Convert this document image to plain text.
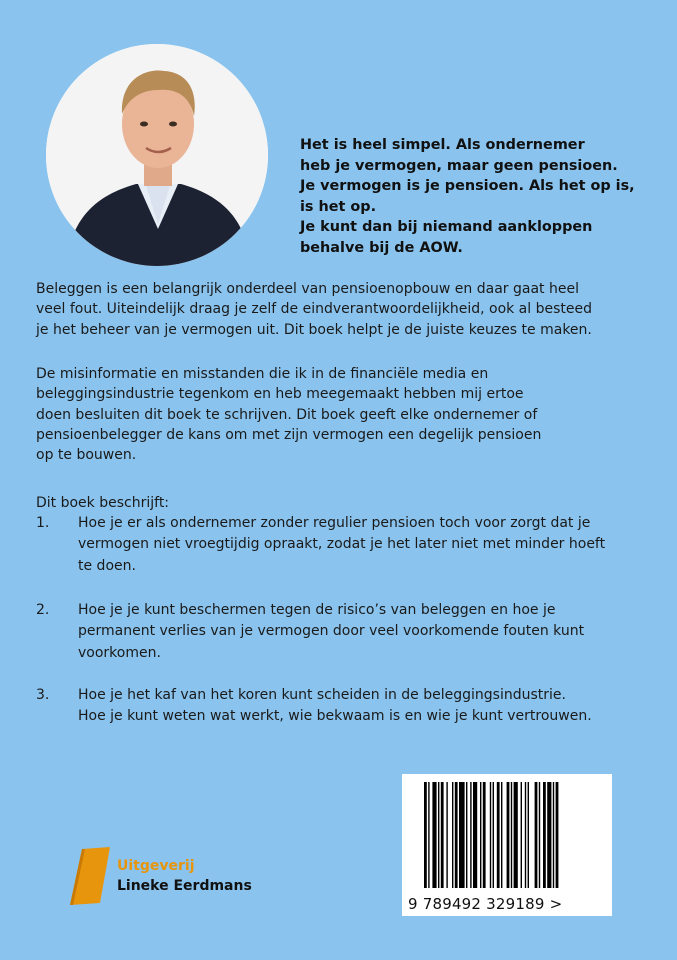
Het is heel simpel. Als ondernemer
heb je vermogen, maar geen pensioen.
Je vermogen is je pensioen. Als het op is,
is het op.
Je kunt dan bij niemand aankloppen
behalve bij de AOW.
Beleggen is een belangrijk onderdeel van pensioenopbouw en daar gaat heel
veel fout. Uiteindelijk draag je zelf de eindverantwoordelijkheid, ook al besteed
je het beheer van je vermogen uit. Dit boek helpt je de juiste keuzes te maken.
De misinformatie en misstanden die ik in de financiële media en
beleggingsindustrie tegenkom en heb meegemaakt hebben mij ertoe
doen besluiten dit boek te schrijven. Dit boek geeft elke ondernemer of
pensioenbelegger de kans om met zijn vermogen een degelijk pensioen
op te bouwen.
Dit boek beschrijft:
1. Hoe je er als ondernemer zonder regulier pensioen toch voor zorgt dat je
vermogen niet vroegtijdig opraakt, zodat je het later niet met minder hoeft
te doen.
2. Hoe je je kunt beschermen tegen de risico’s van beleggen en hoe je
permanent verlies van je vermogen door veel voorkomende fouten kunt
voorkomen.
3. Hoe je het kaf van het koren kunt scheiden in de beleggingsindustrie.
Hoe je kunt weten wat werkt, wie bekwaam is en wie je kunt vertrouwen.
9 789492 329189 >
Uitgeverij
Lineke Eerdmans
